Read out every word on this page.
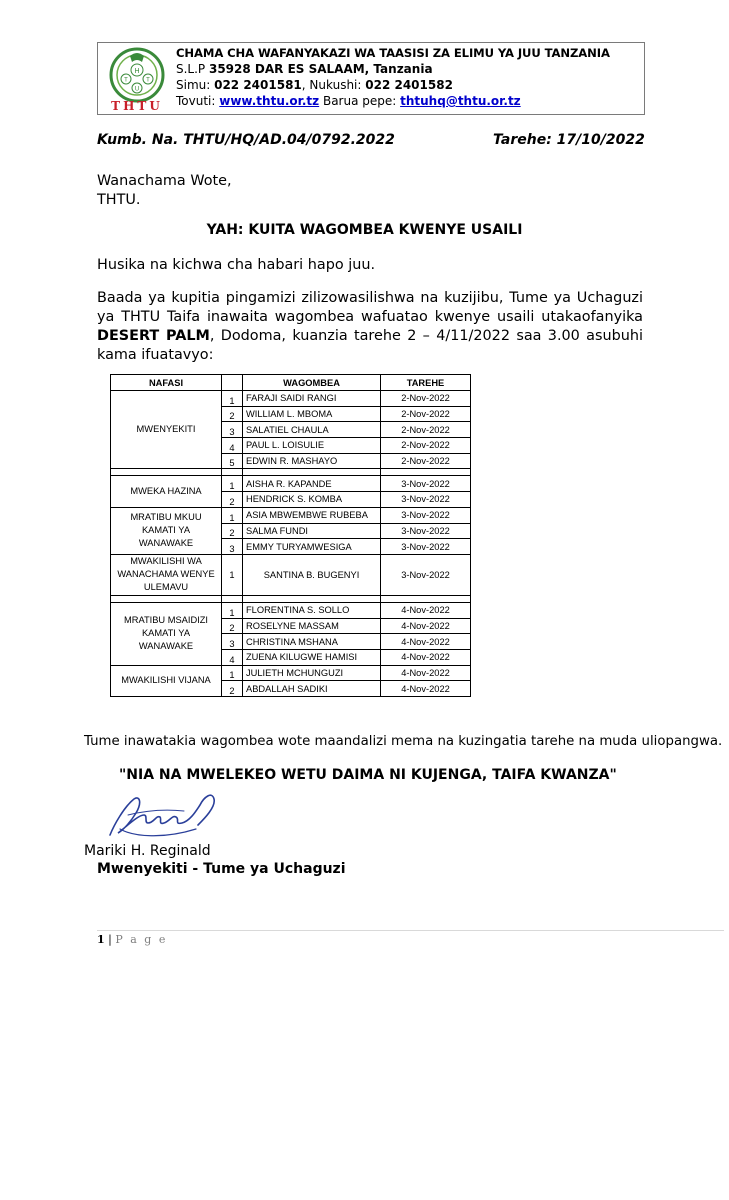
H
T	T
U
THTU
CHAMA CHA WAFANYAKAZI WA TAASISI ZA ELIMU YA JUU TANZANIA
S.L.P 35928 DAR ES SALAAM, Tanzania
Simu: 022 2401581, Nukushi: 022 2401582
Tovuti: www.thtu.or.tz Barua pepe: thtuhq@thtu.or.tz
Kumb. Na. THTU/HQ/AD.04/0792.2022	Tarehe: 17/10/2022
Wanachama Wote,
THTU.
YAH: KUITA WAGOMBEA KWENYE USAILI
Husika na kichwa cha habari hapo juu.
Baada ya kupitia pingamizi zilizowasilishwa na kuzijibu, Tume ya Uchaguzi
ya THTU Taifa inawaita wagombea wafuatao kwenye usaili utakaofanyika
DESERT PALM, Dodoma, kuanzia tarehe 2 – 4/11/2022 saa 3.00 asubuhi
kama ifuatavyo:
NAFASI		WAGOMBEA	TAREHE
MWENYEKITI	1	FARAJI SAIDI RANGI	2-Nov-2022
	2	WILLIAM L. MBOMA	2-Nov-2022
	3	SALATIEL CHAULA	2-Nov-2022
	4	PAUL L. LOISULIE	2-Nov-2022
	5	EDWIN R. MASHAYO	2-Nov-2022

MWEKA HAZINA	1	AISHA R. KAPANDE	3-Nov-2022
	2	HENDRICK S. KOMBA	3-Nov-2022
MRATIBU MKUU KAMATI YA WANAWAKE	1	ASIA MBWEMBWE RUBEBA	3-Nov-2022
	2	SALMA FUNDI	3-Nov-2022
	3	EMMY TURYAMWESIGA	3-Nov-2022
MWAKILISHI WA WANACHAMA WENYE ULEMAVU	1	SANTINA B. BUGENYI	3-Nov-2022

MRATIBU MSAIDIZI KAMATI YA WANAWAKE	1	FLORENTINA S. SOLLO	4-Nov-2022
	2	ROSELYNE MASSAM	4-Nov-2022
	3	CHRISTINA MSHANA	4-Nov-2022
	4	ZUENA KILUGWE HAMISI	4-Nov-2022
MWAKILISHI VIJANA	1	JULIETH MCHUNGUZI	4-Nov-2022
	2	ABDALLAH SADIKI	4-Nov-2022
Tume inawatakia wagombea wote maandalizi mema na kuzingatia tarehe na muda uliopangwa.
"NIA NA MWELEKEO WETU DAIMA NI KUJENGA, TAIFA KWANZA"
Mariki H. Reginald
Mwenyekiti - Tume ya Uchaguzi
1 | P a g e
